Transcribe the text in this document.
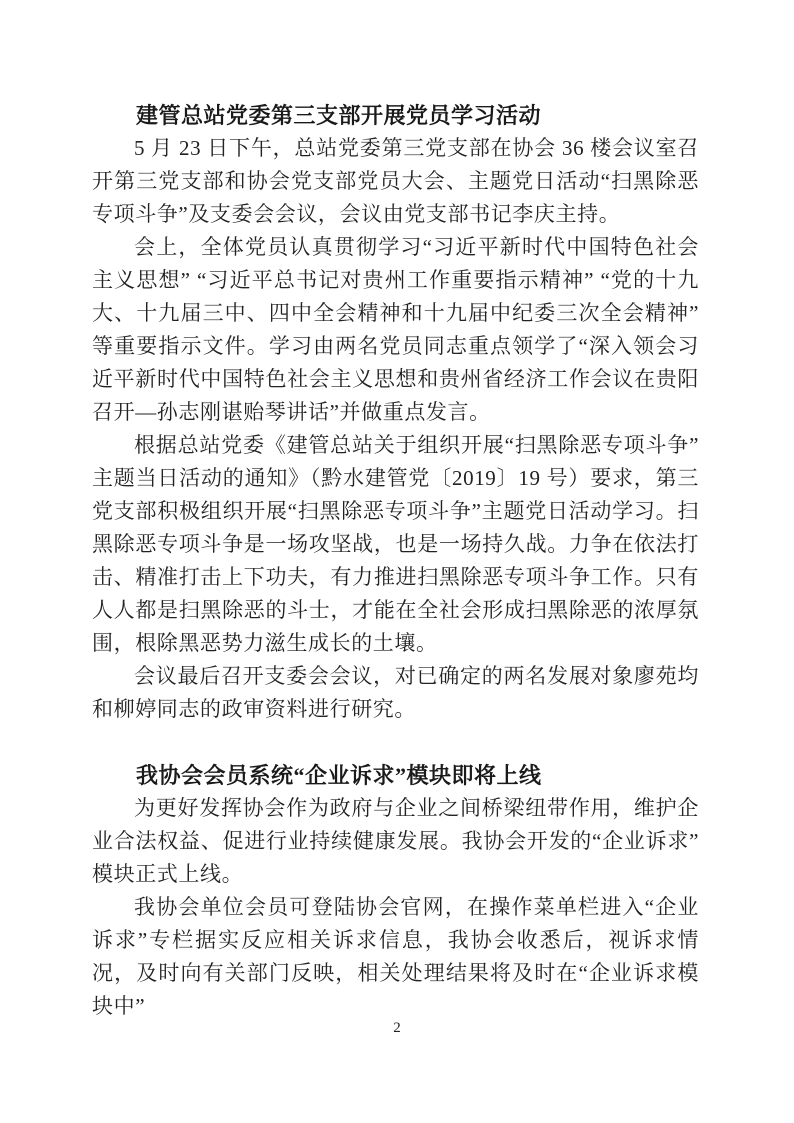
建管总站党委第三支部开展党员学习活动

5 月 23 日下午，总站党委第三党支部在协会 36 楼会议室召开第三党支部和协会党支部党员大会、主题党日活动“扫黑除恶专项斗争”及支委会会议，会议由党支部书记李庆主持。

会上，全体党员认真贯彻学习“习近平新时代中国特色社会主义思想” “习近平总书记对贵州工作重要指示精神” “党的十九大、十九届三中、四中全会精神和十九届中纪委三次全会精神”等重要指示文件。学习由两名党员同志重点领学了“深入领会习近平新时代中国特色社会主义思想和贵州省经济工作会议在贵阳召开—孙志刚谌贻琴讲话”并做重点发言。

根据总站党委《建管总站关于组织开展“扫黑除恶专项斗争”主题当日活动的通知》（黔水建管党〔2019〕19 号）要求，第三党支部积极组织开展“扫黑除恶专项斗争”主题党日活动学习。扫黑除恶专项斗争是一场攻坚战，也是一场持久战。力争在依法打击、精准打击上下功夫，有力推进扫黑除恶专项斗争工作。只有人人都是扫黑除恶的斗士，才能在全社会形成扫黑除恶的浓厚氛围，根除黑恶势力滋生成长的土壤。

会议最后召开支委会会议，对已确定的两名发展对象廖苑均和柳婷同志的政审资料进行研究。

我协会会员系统“企业诉求”模块即将上线

为更好发挥协会作为政府与企业之间桥梁纽带作用，维护企业合法权益、促进行业持续健康发展。我协会开发的“企业诉求”模块正式上线。

我协会单位会员可登陆协会官网，在操作菜单栏进入“企业诉求”专栏据实反应相关诉求信息，我协会收悉后，视诉求情况，及时向有关部门反映，相关处理结果将及时在“企业诉求模块中”

2
